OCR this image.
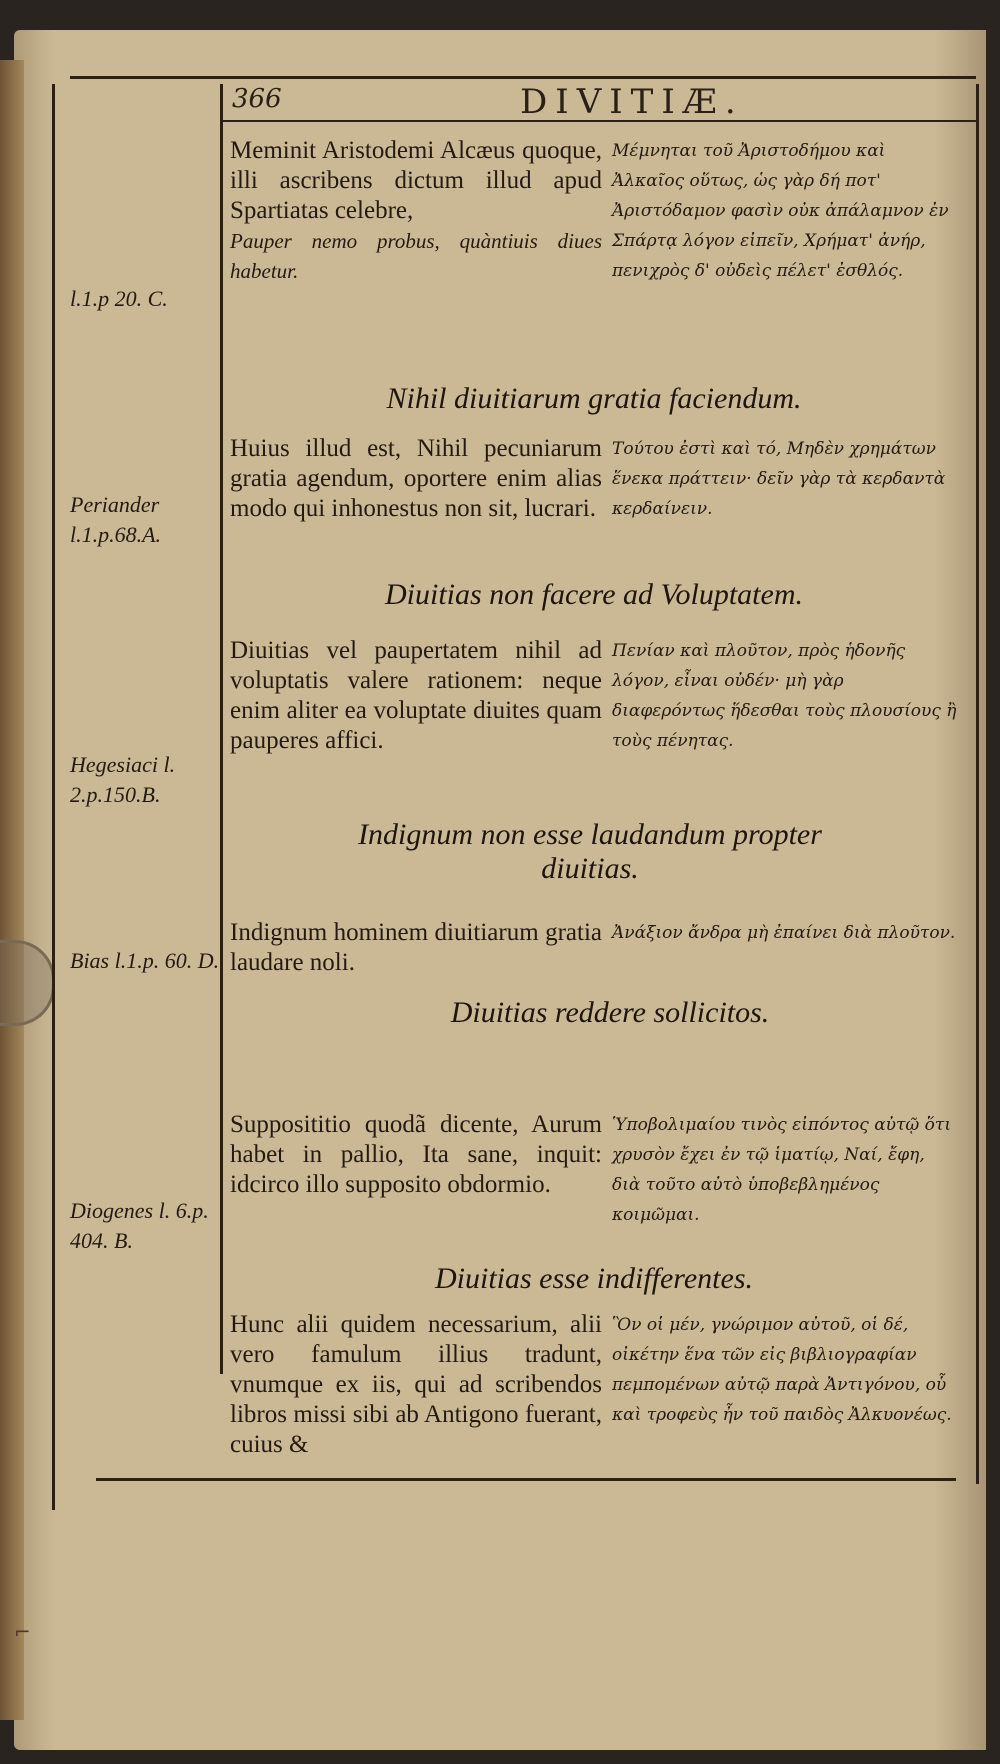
366	DIVITIÆ.
l.1.p 20. C.
Meminit Aristodemi Alcæus quoque, illi ascribens dictum illud apud Spartiatas celebre,
Pauper nemo probus, quàntiuis diues habetur.
Μέμνηται τοῦ Ἀριστοδήμου καὶ Ἀλκαῖος οὕτως, ὡς γὰρ δή ποτ' Ἀριστόδαμον φασὶν οὐκ ἀπάλαμνον ἐν Σπάρτᾳ λόγον εἰπεῖν, Χρήματ' ἀνήρ, πενιχρὸς δ' οὐδεὶς πέλετ' ἐσθλός.
Nihil diuitiarum gratia faciendum.
Periander l.1.p.68.A.
Huius illud est, Nihil pecuniarum gratia agendum, oportere enim alias modo qui inhonestus non sit, lucrari.
Τούτου ἐστὶ καὶ τό, Μηδὲν χρημάτων ἕνεκα πράττειν· δεῖν γὰρ τὰ κερδαντὰ κερδαίνειν.
Diuitias non facere ad Voluptatem.
Hegesiaci l. 2.p.150.B.
Diuitias vel paupertatem nihil ad voluptatis valere rationem: neque enim aliter ea voluptate diuites quam pauperes affici.
Πενίαν καὶ πλοῦτον, πρὸς ἡδονῆς λόγον, εἶναι οὐδέν· μὴ γὰρ διαφερόντως ἥδεσθαι τοὺς πλουσίους ἢ τοὺς πένητας.
Indignum non esse laudandum propter diuitias.
Bias l.1.p. 60. D.
Indignum hominem diuitiarum gratia laudare noli.
Ἀνάξιον ἄνδρα μὴ ἐπαίνει διὰ πλοῦτον.
Diuitias reddere sollicitos.
Diogenes l. 6.p. 404. B.
Supposititio quodã dicente, Aurum habet in pallio, Ita sane, inquit: idcirco illo supposito obdormio.
Ὑποβολιμαίου τινὸς εἰπόντος αὐτῷ ὅτι χρυσὸν ἔχει ἐν τῷ ἱματίῳ, Ναί, ἔφη, διὰ τοῦτο αὐτὸ ὑποβεβλημένος κοιμῶμαι.
Diuitias esse indifferentes.
Hunc alii quidem necessarium, alii vero famulum illius tradunt, vnumque ex iis, qui ad scribendos libros missi sibi ab Antigono fuerant, cuius &
Ὃν οἱ μέν, γνώριμον αὐτοῦ, οἱ δέ, οἰκέτην ἕνα τῶν εἰς βιβλιογραφίαν πεμπομένων αὐτῷ παρὰ Ἀντιγόνου, οὗ καὶ τροφεὺς ἦν τοῦ παιδὸς Ἀλκυονέως.
⌐
